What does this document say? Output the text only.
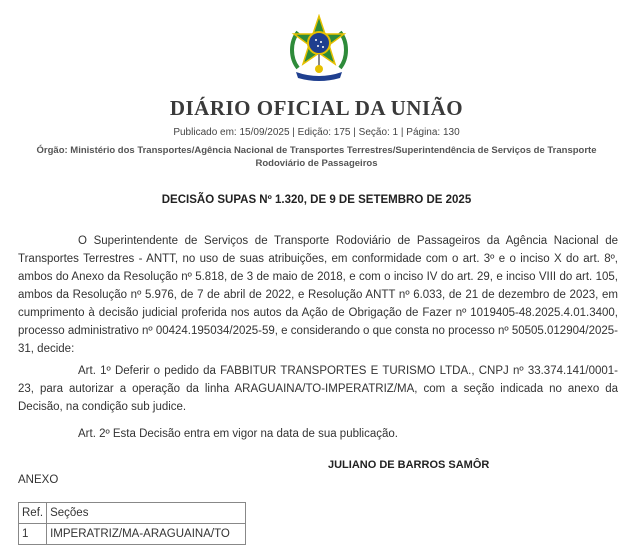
DIÁRIO OFICIAL DA UNIÃO
Publicado em: 15/09/2025 | Edição: 175 | Seção: 1 | Página: 130
Órgão: Ministério dos Transportes/Agência Nacional de Transportes Terrestres/Superintendência de Serviços de Transporte Rodoviário de Passageiros
DECISÃO SUPAS Nº 1.320, DE 9 DE SETEMBRO DE 2025
O Superintendente de Serviços de Transporte Rodoviário de Passageiros da Agência Nacional de Transportes Terrestres - ANTT, no uso de suas atribuições, em conformidade com o art. 3º e o inciso X do art. 8º, ambos do Anexo da Resolução nº 5.818, de 3 de maio de 2018, e com o inciso IV do art. 29, e inciso VIII do art. 105, ambos da Resolução nº 5.976, de 7 de abril de 2022, e Resolução ANTT nº 6.033, de 21 de dezembro de 2023, em cumprimento à decisão judicial proferida nos autos da Ação de Obrigação de Fazer nº 1019405-48.2025.4.01.3400, processo administrativo nº 00424.195034/2025-59, e considerando o que consta no processo nº 50505.012904/2025-31, decide:
Art. 1º Deferir o pedido da FABBITUR TRANSPORTES E TURISMO LTDA., CNPJ nº 33.374.141/0001-23, para autorizar a operação da linha ARAGUAINA/TO-IMPERATRIZ/MA, com a seção indicada no anexo da Decisão, na condição sub judice.
Art. 2º Esta Decisão entra em vigor na data de sua publicação.
JULIANO DE BARROS SAMÔR
ANEXO
Ref.	Seções
1	IMPERATRIZ/MA-ARAGUAINA/TO
